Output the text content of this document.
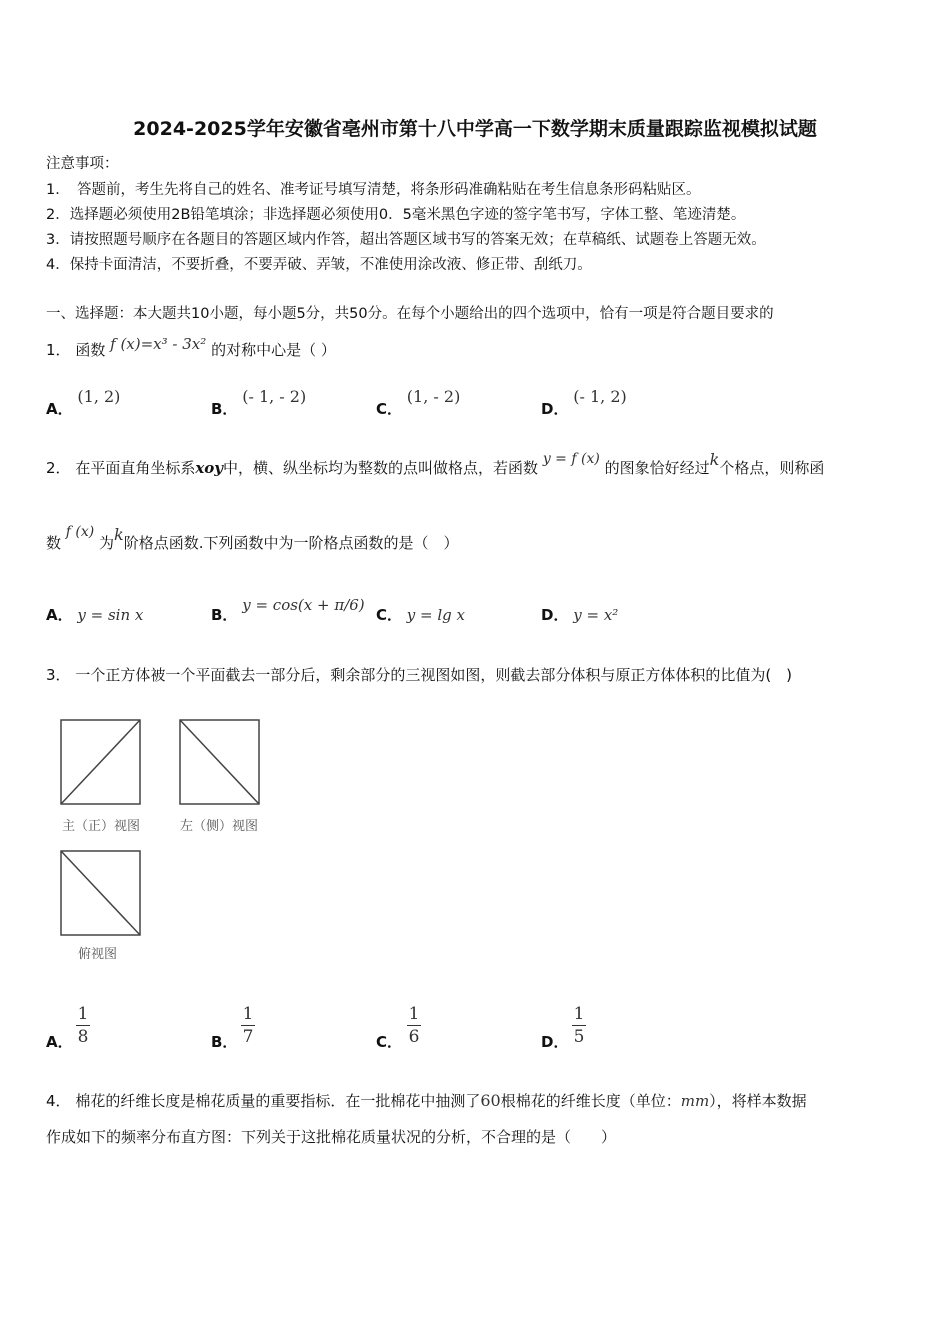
2024-2025学年安徽省亳州市第十八中学高一下数学期末质量跟踪监视模拟试题
注意事项：
1．　答题前，考生先将自己的姓名、准考证号填写清楚，将条形码准确粘贴在考生信息条形码粘贴区。
2．选择题必须使用2B铅笔填涂；非选择题必须使用0．5毫米黑色字迹的签字笔书写，字体工整、笔迹清楚。
3．请按照题号顺序在各题目的答题区域内作答，超出答题区域书写的答案无效；在草稿纸、试题卷上答题无效。
4．保持卡面清洁，不要折叠，不要弄破、弄皱，不准使用涂改液、修正带、刮纸刀。
一、选择题：本大题共10小题，每小题5分，共50分。在每个小题给出的四个选项中，恰有一项是符合题目要求的
1． 函数 f (x)=x³ - 3x² 的对称中心是（ ）
A． (1, 2)
B． (- 1, - 2)
C． (1, - 2)
D． (- 1, 2)
2． 在平面直角坐标系xoy中，横、纵坐标均为整数的点叫做格点，若函数 y = f (x) 的图象恰好经过k个格点，则称函
数 f (x) 为k阶格点函数.下列函数中为一阶格点函数的是（　）
A． y = sin x	B． y = cos(x + π/6)
C． y = lg x	D． y = x²
3． 一个正方体被一个平面截去一部分后，剩余部分的三视图如图，则截去部分体积与原正方体体积的比值为(　)
主（正）视图	左（侧）视图
俯视图
A．
1
8	B．
1
7	C．
1
6	D．
1
5
4． 棉花的纤维长度是棉花质量的重要指标．在一批棉花中抽测了60根棉花的纤维长度（单位：mm），将样本数据
作成如下的频率分布直方图：下列关于这批棉花质量状况的分析，不合理的是（　　）
